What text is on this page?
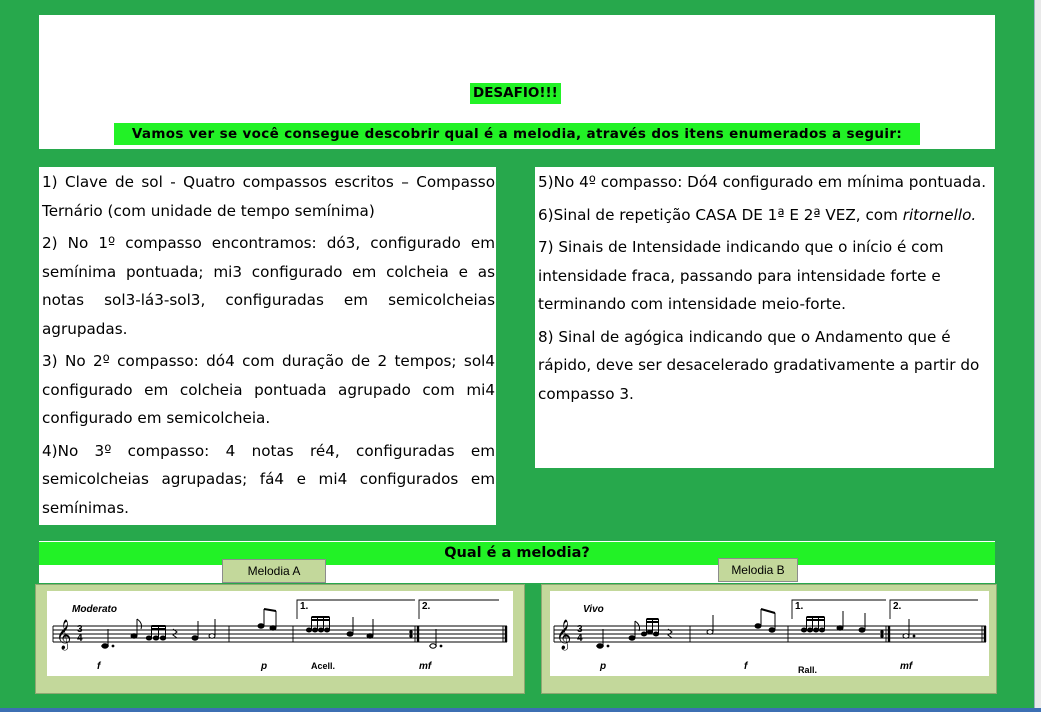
DESAFIO!!!
Vamos ver se você consegue descobrir qual é a melodia, através dos itens enumerados a seguir:

1) Clave de sol - Quatro compassos escritos – Compasso Ternário (com unidade de tempo semínima)

2) No 1º compasso encontramos: dó3, configurado em semínima pontuada; mi3 configurado em colcheia e as notas sol3-lá3-sol3, configuradas em semicolcheias agrupadas.

3) No 2º compasso: dó4 com duração de 2 tempos; sol4 configurado em colcheia pontuada agrupado com mi4 configurado em semicolcheia.

4)No 3º compasso: 4 notas ré4, configuradas em semicolcheias agrupadas; fá4 e mi4 configurados em semínimas.

5)No 4º compasso: Dó4 configurado em mínima pontuada.

6)Sinal de repetição CASA DE 1ª E 2ª VEZ, com ritornello.

7) Sinais de Intensidade indicando que o início é com intensidade fraca, passando para intensidade forte e terminando com intensidade meio-forte.

8) Sinal de agógica indicando que o Andamento que é rápido, deve ser desacelerado gradativamente a partir do compasso 3.

Qual é a melodia?
𝄞 3
4
Moderato	1.	2.
f	p	Acell.	mf
Melodia A
𝄞 3
4
Vivo	1.	2.
p	f	Rall.	mf
Melodia B
